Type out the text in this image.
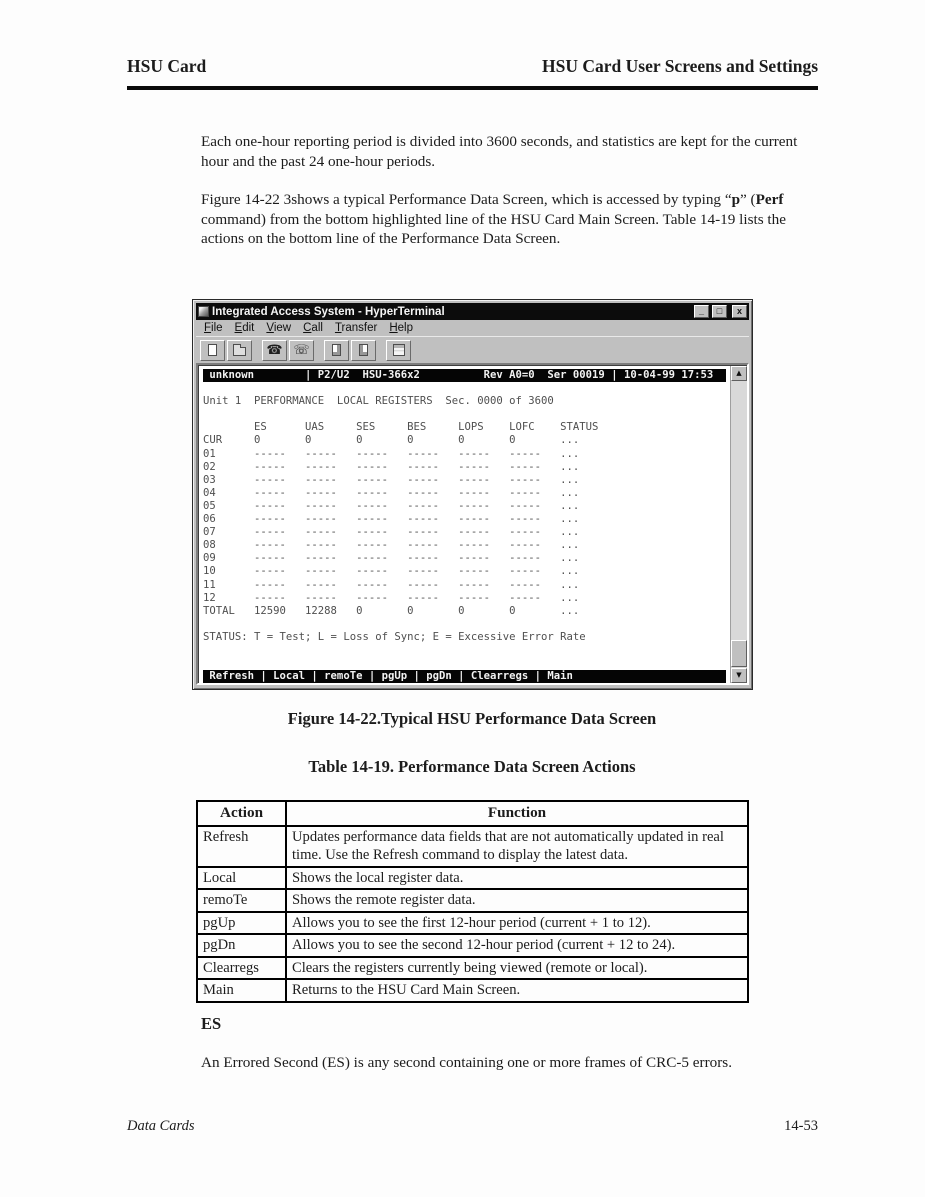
HSU Card	HSU Card User Screens and Settings
Each one-hour reporting period is divided into 3600 seconds, and statistics are kept for the current hour and the past 24 one-hour periods.
Figure 14-22 3shows a typical Performance Data Screen, which is accessed by typing “p” (Perf command) from the bottom highlighted line of the HSU Card Main Screen. Table 14-19 lists the actions on the bottom line of the Performance Data Screen.
Integrated Access System - HyperTerminal	_	□	x
File	Edit	View	Call	Transfer	Help
☎ ☏
unknown        | P2/U2  HSU-366x2          Rev A0=0  Ser 00019 | 10-04-99 17:53
Unit 1  PERFORMANCE  LOCAL REGISTERS  Sec. 0000 of 3600
ES      UAS     SES     BES     LOPS    LOFC    STATUS
CUR     0       0       0       0       0       0       ...
01      -----   -----   -----   -----   -----   -----   ...
02      -----   -----   -----   -----   -----   -----   ...
03      -----   -----   -----   -----   -----   -----   ...
04      -----   -----   -----   -----   -----   -----   ...
05      -----   -----   -----   -----   -----   -----   ...
06      -----   -----   -----   -----   -----   -----   ...
07      -----   -----   -----   -----   -----   -----   ...
08      -----   -----   -----   -----   -----   -----   ...
09      -----   -----   -----   -----   -----   -----   ...
10      -----   -----   -----   -----   -----   -----   ...
11      -----   -----   -----   -----   -----   -----   ...
12      -----   -----   -----   -----   -----   -----   ...
TOTAL   12590   12288   0       0       0       0       ...
STATUS: T = Test; L = Loss of Sync; E = Excessive Error Rate
Refresh | Local | remoTe | pgUp | pgDn | Clearregs | Main
▲
▼
Figure 14-22.Typical HSU Performance Data Screen
Table 14-19. Performance Data Screen Actions
Action	Function
Refresh	Updates performance data fields that are not automatically updated in real time. Use the Refresh command to display the latest data.
Local	Shows the local register data.
remoTe	Shows the remote register data.
pgUp	Allows you to see the first 12-hour period (current + 1 to 12).
pgDn	Allows you to see the second 12-hour period (current + 12 to 24).
Clearregs	Clears the registers currently being viewed (remote or local).
Main	Returns to the HSU Card Main Screen.
ES
An Errored Second (ES) is any second containing one or more frames of CRC-5 errors.
Data Cards	14-53
